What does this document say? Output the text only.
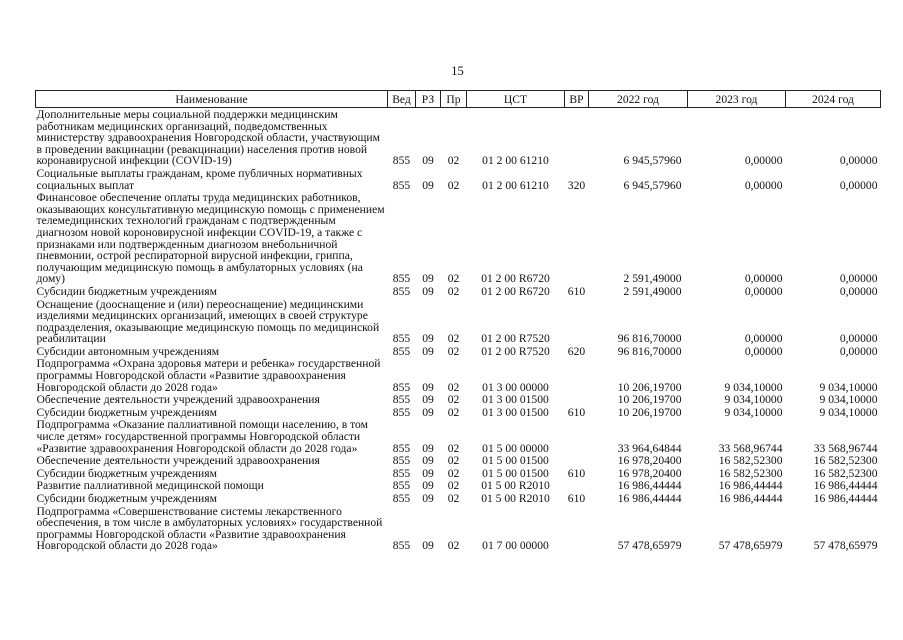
15
Наименование	Вед	РЗ	Пр	ЦСТ	ВР	2022 год	2023 год	2024 год
Дополнительные меры социальной поддержки медицинским работникам медицинских организаций, подведомственных министерству здравоохранения Новгородской области, участвующим в проведении вакцинации (ревакцинации) населения против новой коронавирусной инфекции (COVID-19)	855	09	02	01 2 00 61210		6 945,57960	0,00000	0,00000
Социальные выплаты гражданам, кроме публичных нормативных социальных выплат	855	09	02	01 2 00 61210	320	6 945,57960	0,00000	0,00000
Финансовое обеспечение оплаты труда медицинских работников, оказывающих консультативную медицинскую помощь с применением телемедицинских технологий гражданам с подтвержденным диагнозом новой короновирусной инфекции COVID-19, а также с признаками или подтвержденным диагнозом внебольничной пневмонии, острой респираторной вирусной инфекции, гриппа, получающим медицинскую помощь в амбулаторных условиях (на дому)	855	09	02	01 2 00 R6720		2 591,49000	0,00000	0,00000
Субсидии бюджетным учреждениям	855	09	02	01 2 00 R6720	610	2 591,49000	0,00000	0,00000
Оснащение (дооснащение и (или) переоснащение) медицинскими изделиями медицинских организаций, имеющих в своей структуре подразделения, оказывающие медицинскую помощь по медицинской реабилитации	855	09	02	01 2 00 R7520		96 816,70000	0,00000	0,00000
Субсидии автономным учреждениям	855	09	02	01 2 00 R7520	620	96 816,70000	0,00000	0,00000
Подпрограмма «Охрана здоровья матери и ребенка» государственной программы Новгородской области «Развитие здравоохранения Новгородской области до 2028 года»	855	09	02	01 3 00 00000		10 206,19700	9 034,10000	9 034,10000
Обеспечение деятельности учреждений здравоохранения	855	09	02	01 3 00 01500		10 206,19700	9 034,10000	9 034,10000
Субсидии бюджетным учреждениям	855	09	02	01 3 00 01500	610	10 206,19700	9 034,10000	9 034,10000
Подпрограмма «Оказание паллиативной помощи населению, в том числе детям» государственной программы Новгородской области «Развитие здравоохранения Новгородской области до 2028 года»	855	09	02	01 5 00 00000		33 964,64844	33 568,96744	33 568,96744
Обеспечение деятельности учреждений здравоохранения	855	09	02	01 5 00 01500		16 978,20400	16 582,52300	16 582,52300
Субсидии бюджетным учреждениям	855	09	02	01 5 00 01500	610	16 978,20400	16 582,52300	16 582,52300
Развитие паллиативной медицинской помощи	855	09	02	01 5 00 R2010		16 986,44444	16 986,44444	16 986,44444
Субсидии бюджетным учреждениям	855	09	02	01 5 00 R2010	610	16 986,44444	16 986,44444	16 986,44444
Подпрограмма «Совершенствование системы лекарственного обеспечения, в том числе в амбулаторных условиях» государственной программы Новгородской области «Развитие здравоохранения Новгородской области до 2028 года»	855	09	02	01 7 00 00000		57 478,65979	57 478,65979	57 478,65979
